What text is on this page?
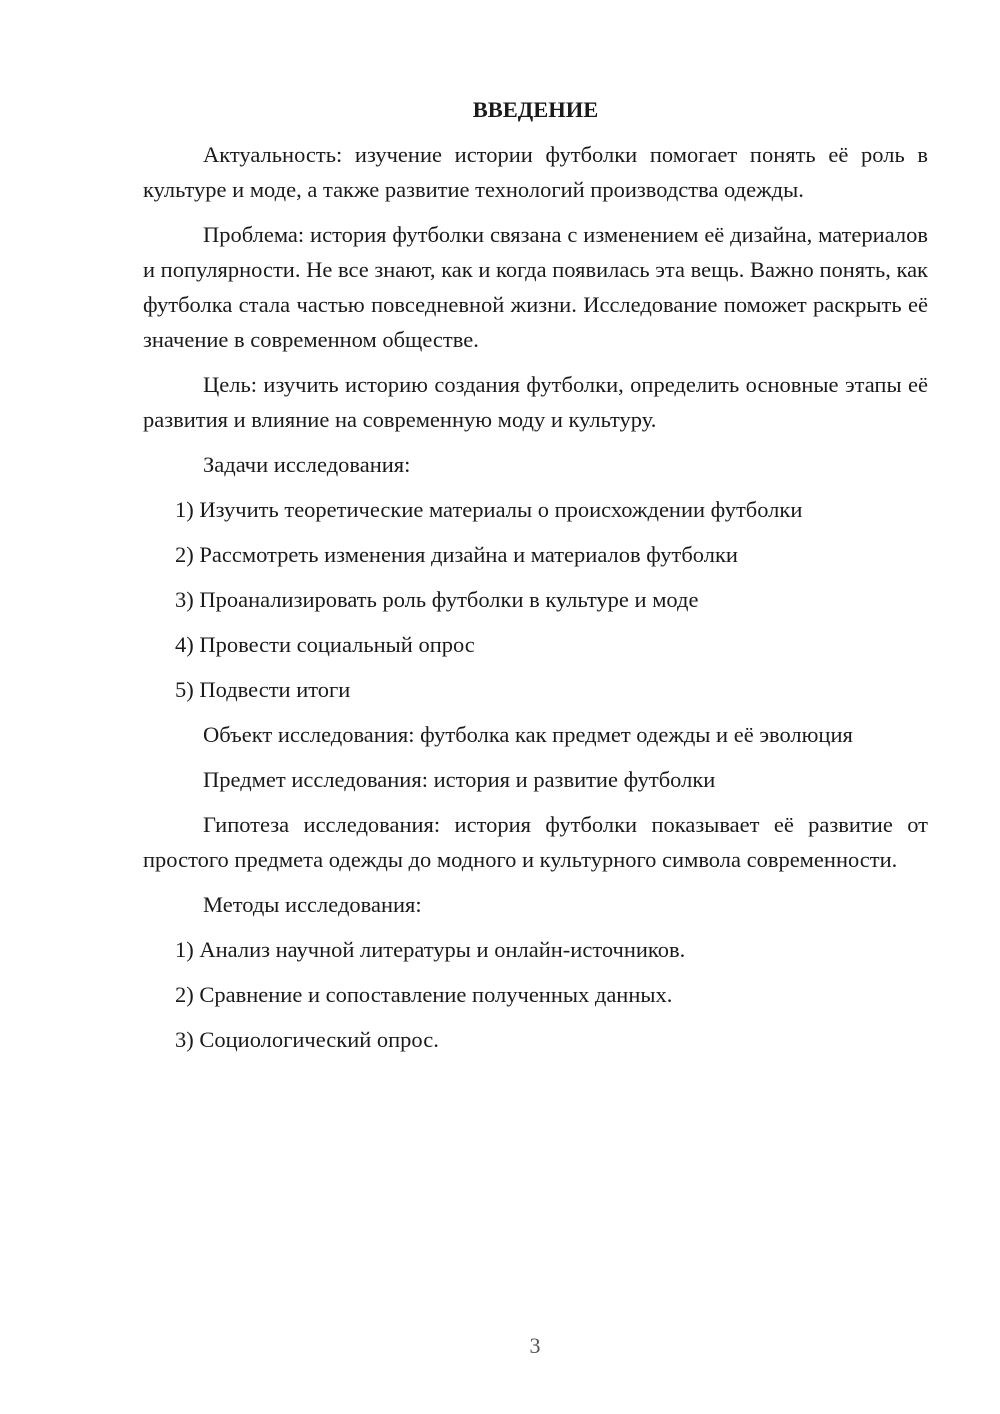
ВВЕДЕНИЕ

Актуальность: изучение истории футболки помогает понять её роль в культуре и моде, а также развитие технологий производства одежды.

Проблема: история футболки связана с изменением её дизайна, материалов и популярности. Не все знают, как и когда появилась эта вещь. Важно понять, как футболка стала частью повседневной жизни. Исследование поможет раскрыть её значение в современном обществе.

Цель: изучить историю создания футболки, определить основные этапы её развития и влияние на современную моду и культуру.

Задачи исследования:

1) Изучить теоретические материалы о происхождении футболки

2) Рассмотреть изменения дизайна и материалов футболки

3) Проанализировать роль футболки в культуре и моде

4) Провести социальный опрос

5) Подвести итоги

Объект исследования: футболка как предмет одежды и её эволюция

Предмет исследования: история и развитие футболки

Гипотеза исследования: история футболки показывает её развитие от простого предмета одежды до модного и культурного символа современности.

Методы исследования:

1) Анализ научной литературы и онлайн-источников.

2) Сравнение и сопоставление полученных данных.

3) Социологический опрос.

3
